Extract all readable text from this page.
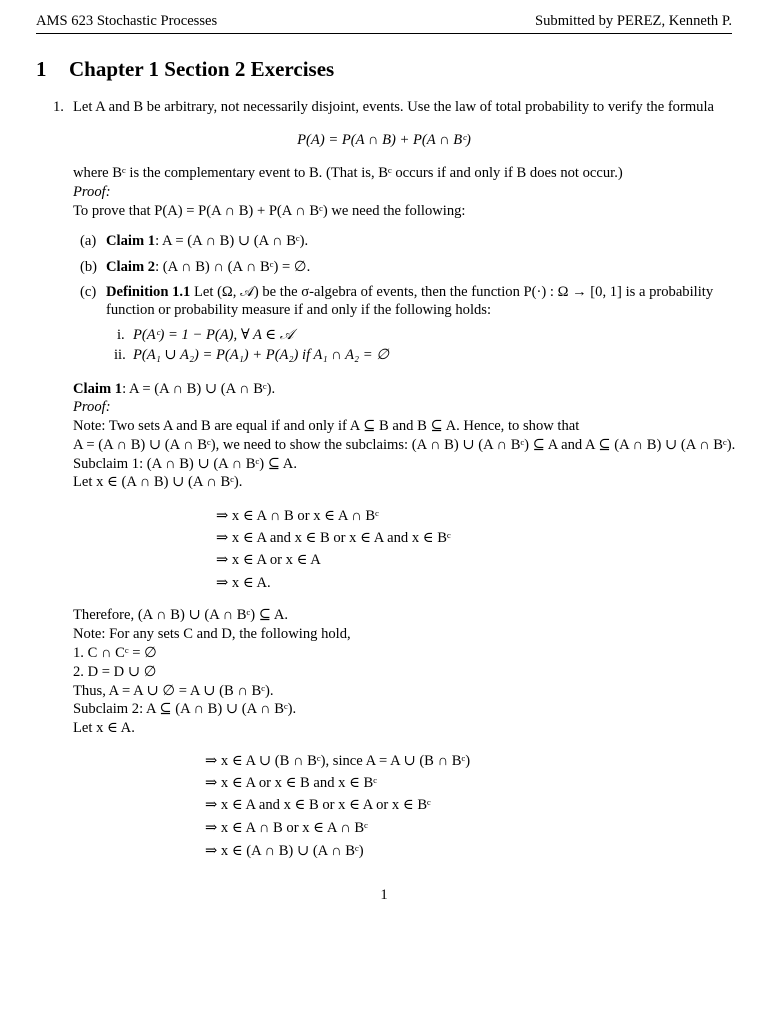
AMS 623 Stochastic Processes	Submitted by PEREZ, Kenneth P.
1 Chapter 1 Section 2 Exercises
1. Let A and B be arbitrary, not necessarily disjoint, events. Use the law of total probability to verify the formula
P(A) = P(A ∩ B) + P(A ∩ Bᶜ)
where Bᶜ is the complementary event to B. (That is, Bᶜ occurs if and only if B does not occur.)
Proof:
To prove that P(A) = P(A ∩ B) + P(A ∩ Bᶜ) we need the following:
(a) Claim 1: A = (A ∩ B) ∪ (A ∩ Bᶜ).
(b) Claim 2: (A ∩ B) ∩ (A ∩ Bᶜ) = ∅.
(c) Definition 1.1 Let (Ω, 𝒜) be the σ-algebra of events, then the function P(·) : Ω → [0, 1] is a probability
function or probability measure if and only if the following holds:
i. P(Aᶜ) = 1 − P(A), ∀ A ∈ 𝒜
ii. P(A₁ ∪ A₂) = P(A₁) + P(A₂) if A₁ ∩ A₂ = ∅
Claim 1: A = (A ∩ B) ∪ (A ∩ Bᶜ).
Proof:
Note: Two sets A and B are equal if and only if A ⊆ B and B ⊆ A. Hence, to show that
A = (A ∩ B) ∪ (A ∩ Bᶜ), we need to show the subclaims: (A ∩ B) ∪ (A ∩ Bᶜ) ⊆ A and A ⊆ (A ∩ B) ∪ (A ∩ Bᶜ).
Subclaim 1: (A ∩ B) ∪ (A ∩ Bᶜ) ⊆ A.
Let x ∈ (A ∩ B) ∪ (A ∩ Bᶜ).
⇒ x ∈ A ∩ B or x ∈ A ∩ Bᶜ
⇒ x ∈ A and x ∈ B or x ∈ A and x ∈ Bᶜ
⇒ x ∈ A or x ∈ A
⇒ x ∈ A.
Therefore, (A ∩ B) ∪ (A ∩ Bᶜ) ⊆ A.
Note: For any sets C and D, the following hold,
1. C ∩ Cᶜ = ∅
2. D = D ∪ ∅
Thus, A = A ∪ ∅ = A ∪ (B ∩ Bᶜ).
Subclaim 2: A ⊆ (A ∩ B) ∪ (A ∩ Bᶜ).
Let x ∈ A.
⇒ x ∈ A ∪ (B ∩ Bᶜ), since A = A ∪ (B ∩ Bᶜ)
⇒ x ∈ A or x ∈ B and x ∈ Bᶜ
⇒ x ∈ A and x ∈ B or x ∈ A or x ∈ Bᶜ
⇒ x ∈ A ∩ B or x ∈ A ∩ Bᶜ
⇒ x ∈ (A ∩ B) ∪ (A ∩ Bᶜ)
1
